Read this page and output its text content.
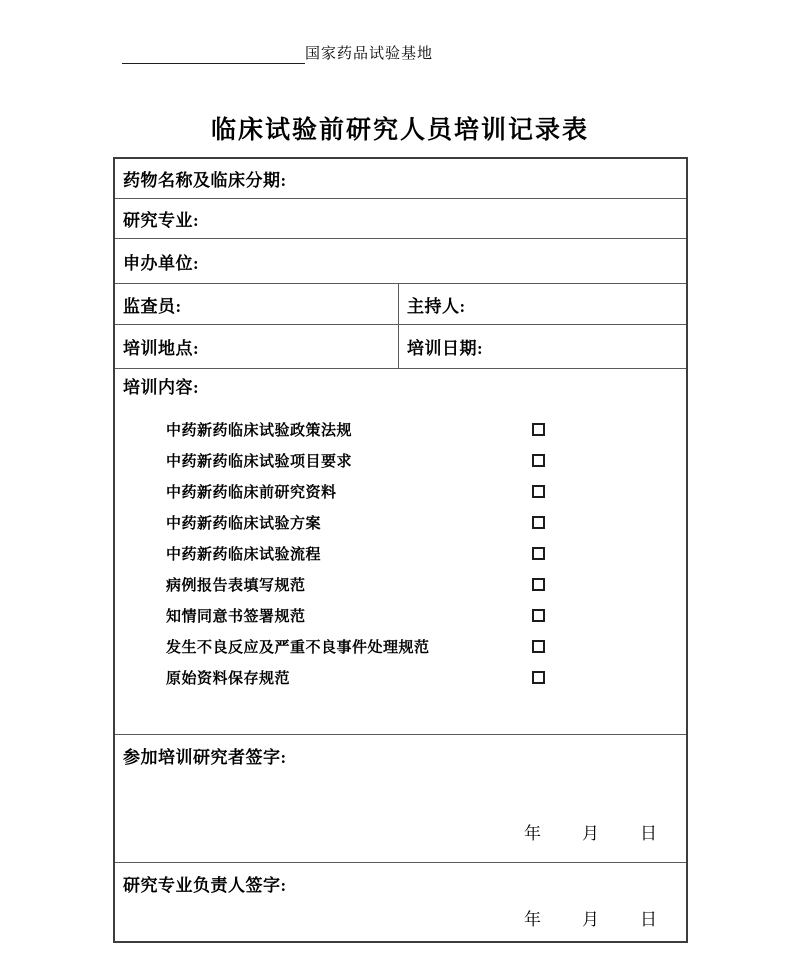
国家药品试验基地
临床试验前研究人员培训记录表
药物名称及临床分期:
研究专业:
申办单位:
监查员:	主持人:
培训地点:	培训日期:
培训内容:
中药新药临床试验政策法规
中药新药临床试验项目要求
中药新药临床前研究资料
中药新药临床试验方案
中药新药临床试验流程
病例报告表填写规范
知情同意书签署规范
发生不良反应及严重不良事件处理规范
原始资料保存规范
参加培训研究者签字:
年 月 日
研究专业负责人签字:
年 月 日
